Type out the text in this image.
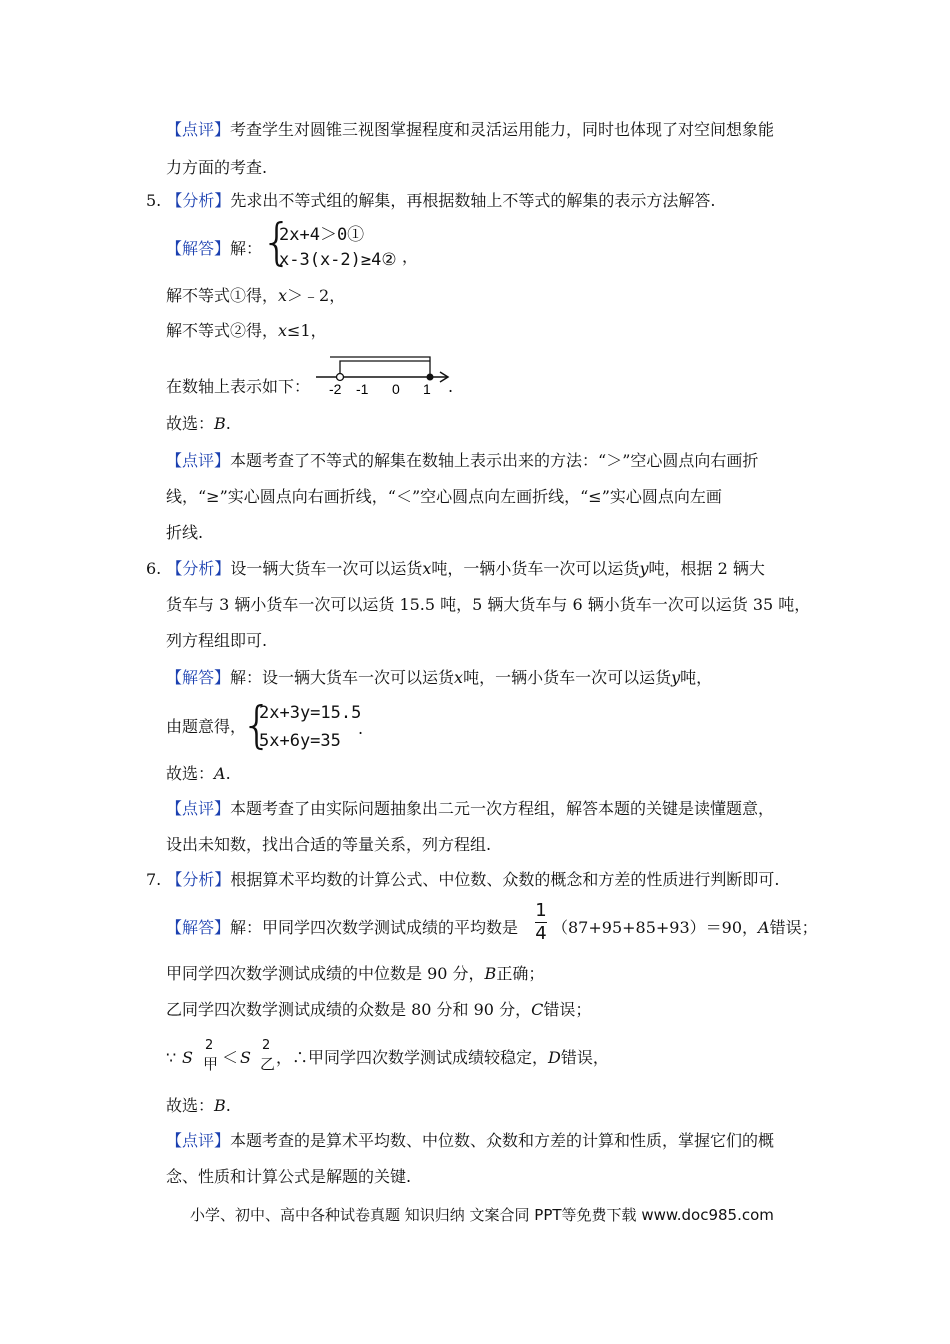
【点评】考查学生对圆锥三视图掌握程度和灵活运用能力，同时也体现了对空间想象能
力方面的考查.
5. 【分析】先求出不等式组的解集，再根据数轴上不等式的解集的表示方法解答.
【解答】解：
{
2x+4＞0①
x-3(x-2)≥4② ，
解不等式①得，x＞﹣2，
解不等式②得，x≤1，
在数轴上表示如下： -2 -1 0 1 .
故选：B.
【点评】本题考查了不等式的解集在数轴上表示出来的方法：“＞”空心圆点向右画折
线，“≥”实心圆点向右画折线，“＜”空心圆点向左画折线，“≤”实心圆点向左画
折线.
6. 【分析】设一辆大货车一次可以运货x吨，一辆小货车一次可以运货y吨，根据 2 辆大
货车与 3 辆小货车一次可以运货 15.5 吨，5 辆大货车与 6 辆小货车一次可以运货 35 吨，
列方程组即可.
【解答】解：设一辆大货车一次可以运货x吨，一辆小货车一次可以运货y吨，
由题意得，
{
2x+3y=15.5
5x+6y=35
.
故选：A.
【点评】本题考查了由实际问题抽象出二元一次方程组，解答本题的关键是读懂题意，
设出未知数，找出合适的等量关系，列方程组.
7. 【分析】根据算术平均数的计算公式、中位数、众数的概念和方差的性质进行判断即可.
【解答】解：甲同学四次数学测试成绩的平均数是
1
4 （87+95+85+93）＝90，A错误；
甲同学四次数学测试成绩的中位数是 90 分，B正确；
乙同学四次数学测试成绩的众数是 80 分和 90 分，C错误；
∵ S
2
甲 ＜ S
2
乙 ，∴甲同学四次数学测试成绩较稳定，D错误，
故选：B.
【点评】本题考查的是算术平均数、中位数、众数和方差的计算和性质，掌握它们的概
念、性质和计算公式是解题的关键.
小学、初中、高中各种试卷真题 知识归纳 文案合同 PPT等免费下载 www.doc985.com
